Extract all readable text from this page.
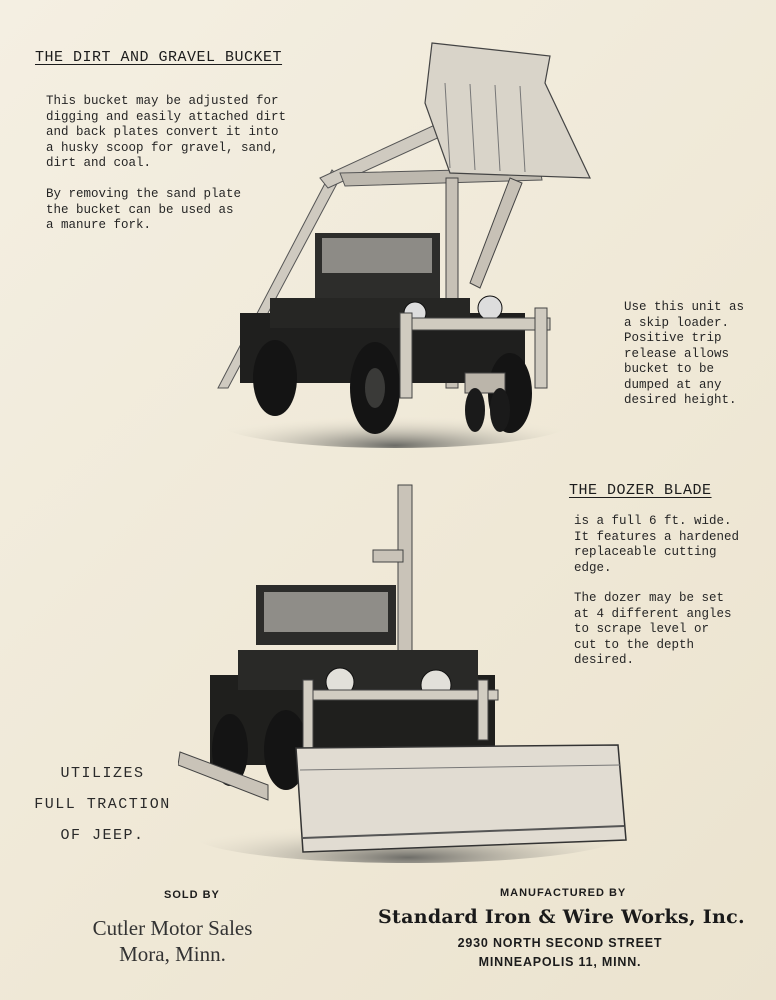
THE DIRT AND GRAVEL BUCKET
This bucket may be adjusted for
digging and easily attached dirt
and back plates convert it into
a husky scoop for gravel, sand,
dirt and coal.
By removing the sand plate
the bucket can be used as
a manure fork.
Use this unit as
a skip loader.
Positive trip
release allows
bucket to be
dumped at any
desired height.
THE DOZER BLADE
is a full 6 ft. wide.
It features a hardened
replaceable cutting
edge.
The dozer may be set
at 4 different angles
to scrape level or
cut to the depth
desired.
UTILIZES
FULL TRACTION
OF JEEP.
SOLD BY
Cutler Motor Sales
Mora, Minn.
MANUFACTURED BY
Standard Iron & Wire Works, Inc.
2930 NORTH SECOND STREET
MINNEAPOLIS 11, MINN.
